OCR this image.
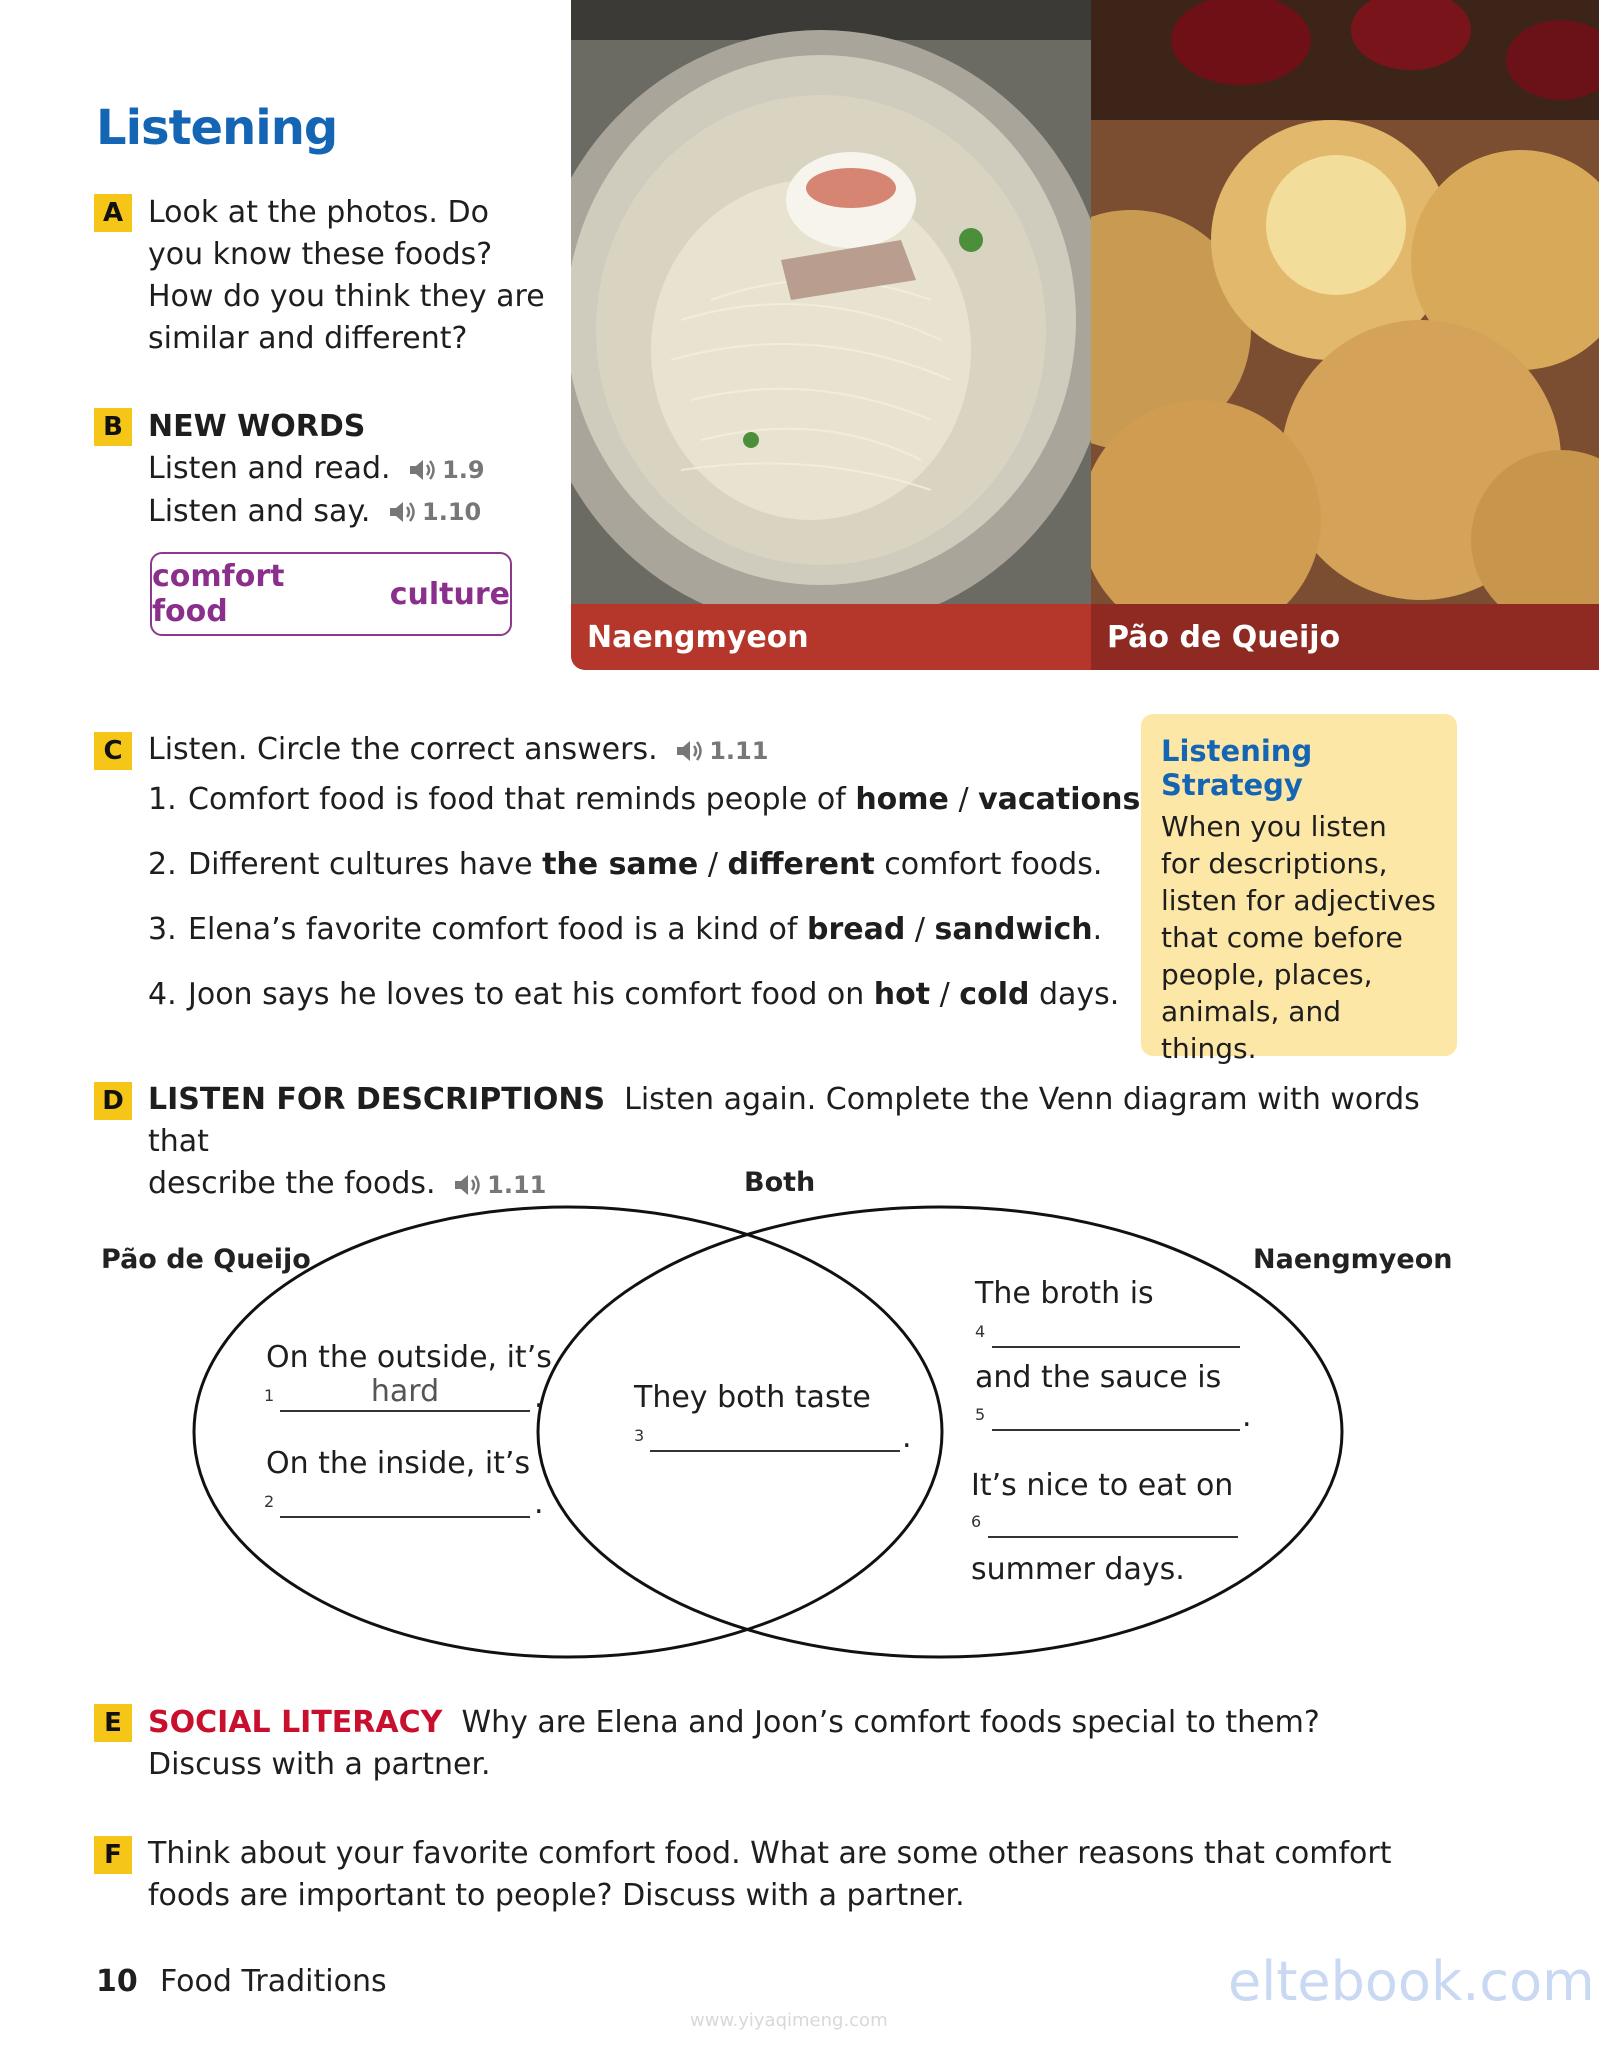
Listening
A Look at the photos. Do
you know these foods?
How do you think they are
similar and different?
B NEW WORDS
Listen and read. 1.9
Listen and say. 1.10
comfort food	culture
Naengmyeon	Pão de Queijo
C Listen. Circle the correct answers. 1.11
1. Comfort food is food that reminds people of home / vacations
2. Different cultures have the same / different comfort foods.
3. Elena’s favorite comfort food is a kind of bread / sandwich.
4. Joon says he loves to eat his comfort food on hot / cold days.
Listening Strategy
When you listen
for descriptions,
listen for adjectives
that come before
people, places,
animals, and
things.
D LISTEN FOR DESCRIPTIONS Listen again. Complete the Venn diagram with words that
describe the foods. 1.11	Both
Pão de Queijo	Naengmyeon
On the outside, it’s
1	hard	.
On the inside, it’s
2	.
They both taste
3	.
The broth is
4
and the sauce is
5	.
It’s nice to eat on
6
summer days.
E SOCIAL LITERACY Why are Elena and Joon’s comfort foods special to them?
Discuss with a partner.
F Think about your favorite comfort food. What are some other reasons that comfort
foods are important to people? Discuss with a partner.
10 Food Traditions	eltebook.com
www.yiyaqimeng.com
